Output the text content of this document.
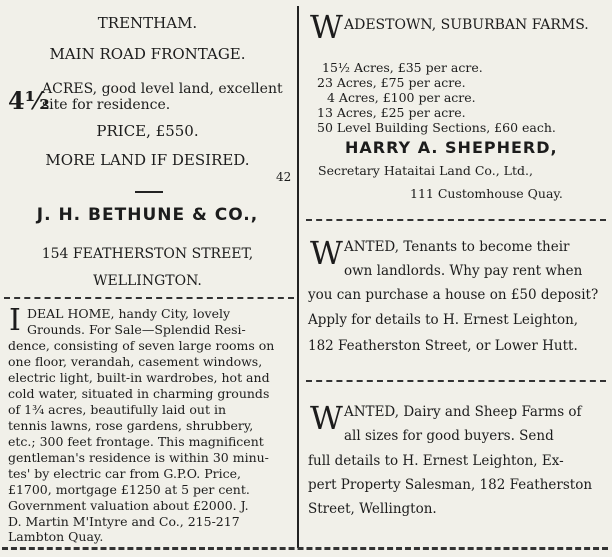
TRENTHAM.
MAIN ROAD FRONTAGE.
4½
ACRES, good level land, excellent
site for residence.
PRICE, £550.
MORE LAND IF DESIRED.
42
J. H. BETHUNE & CO.,
154 FEATHERSTON STREET,
WELLINGTON.
I DEAL HOME, handy City, lovely
Grounds. For Sale—Splendid Resi-
dence, consisting of seven large rooms on
one floor, verandah, casement windows,
electric light, built-in wardrobes, hot and
cold water, situated in charming grounds
of 1¾ acres, beautifully laid out in
tennis lawns, rose gardens, shrubbery,
etc.; 300 feet frontage. This magnificent
gentleman's residence is within 30 minu-
tes' by electric car from G.P.O. Price,
£1700, mortgage £1250 at 5 per cent.
Government valuation about £2000. J.
D. Martin M'Intyre and Co., 215-217
Lambton Quay.
W ADESTOWN, SUBURBAN FARMS.
15½ Acres, £35 per acre.
23 Acres, £75 per acre.
4 Acres, £100 per acre.
13 Acres, £25 per acre.
50 Level Building Sections, £60 each.
HARRY A. SHEPHERD,
Secretary Hataitai Land Co., Ltd.,
111 Customhouse Quay.
W ANTED, Tenants to become their
own landlords. Why pay rent when
you can purchase a house on £50 deposit?
Apply for details to H. Ernest Leighton,
182 Featherston Street, or Lower Hutt.
W ANTED, Dairy and Sheep Farms of
all sizes for good buyers. Send
full details to H. Ernest Leighton, Ex-
pert Property Salesman, 182 Featherston
Street, Wellington.
